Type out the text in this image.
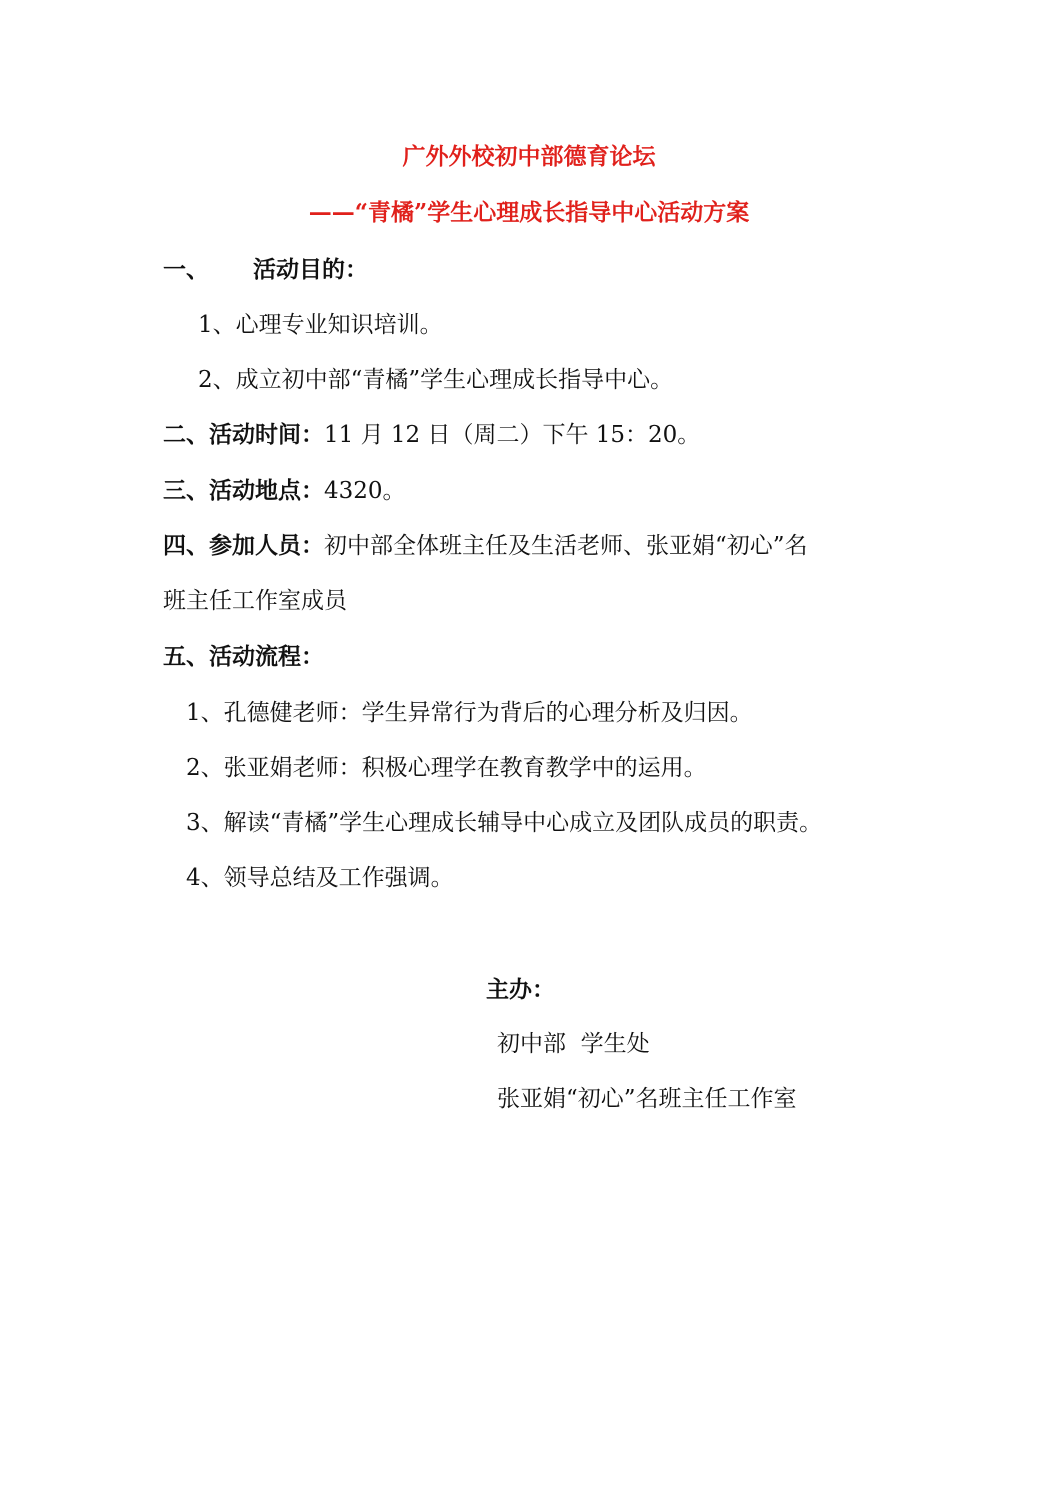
广外外校初中部德育论坛
——“青橘”学生心理成长指导中心活动方案
一、 活动目的：
1、心理专业知识培训。
2、成立初中部“青橘”学生心理成长指导中心。
二、活动时间：11 月 12 日（周二）下午 15：20。
三、活动地点：4320。
四、参加人员：初中部全体班主任及生活老师、张亚娟“初心”名
班主任工作室成员
五、活动流程：
1、孔德健老师：学生异常行为背后的心理分析及归因。
2、张亚娟老师：积极心理学在教育教学中的运用。
3、解读“青橘”学生心理成长辅导中心成立及团队成员的职责。
4、领导总结及工作强调。
主办：
初中部  学生处
张亚娟“初心”名班主任工作室
